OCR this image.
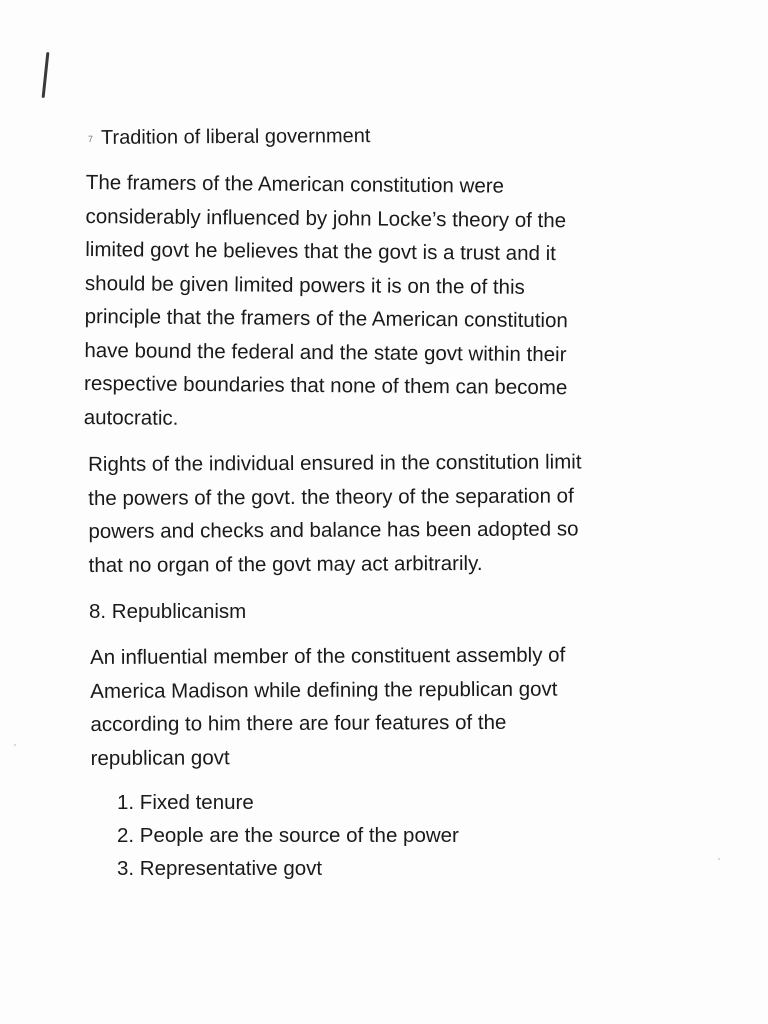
7 Tradition of liberal government

The framers of the American constitution were
considerably influenced by john Locke’s theory of the
limited govt he believes that the govt is a trust and it
should be given limited powers it is on the of this
principle that the framers of the American constitution
have bound the federal and the state govt within their
respective boundaries that none of them can become
autocratic.

Rights of the individual ensured in the constitution limit
the powers of the govt. the theory of the separation of
powers and checks and balance has been adopted so
that no organ of the govt may act arbitrarily.

8. Republicanism

An influential member of the constituent assembly of
America Madison while defining the republican govt
according to him there are four features of the
republican govt

1. Fixed tenure
2. People are the source of the power
3. Representative govt
